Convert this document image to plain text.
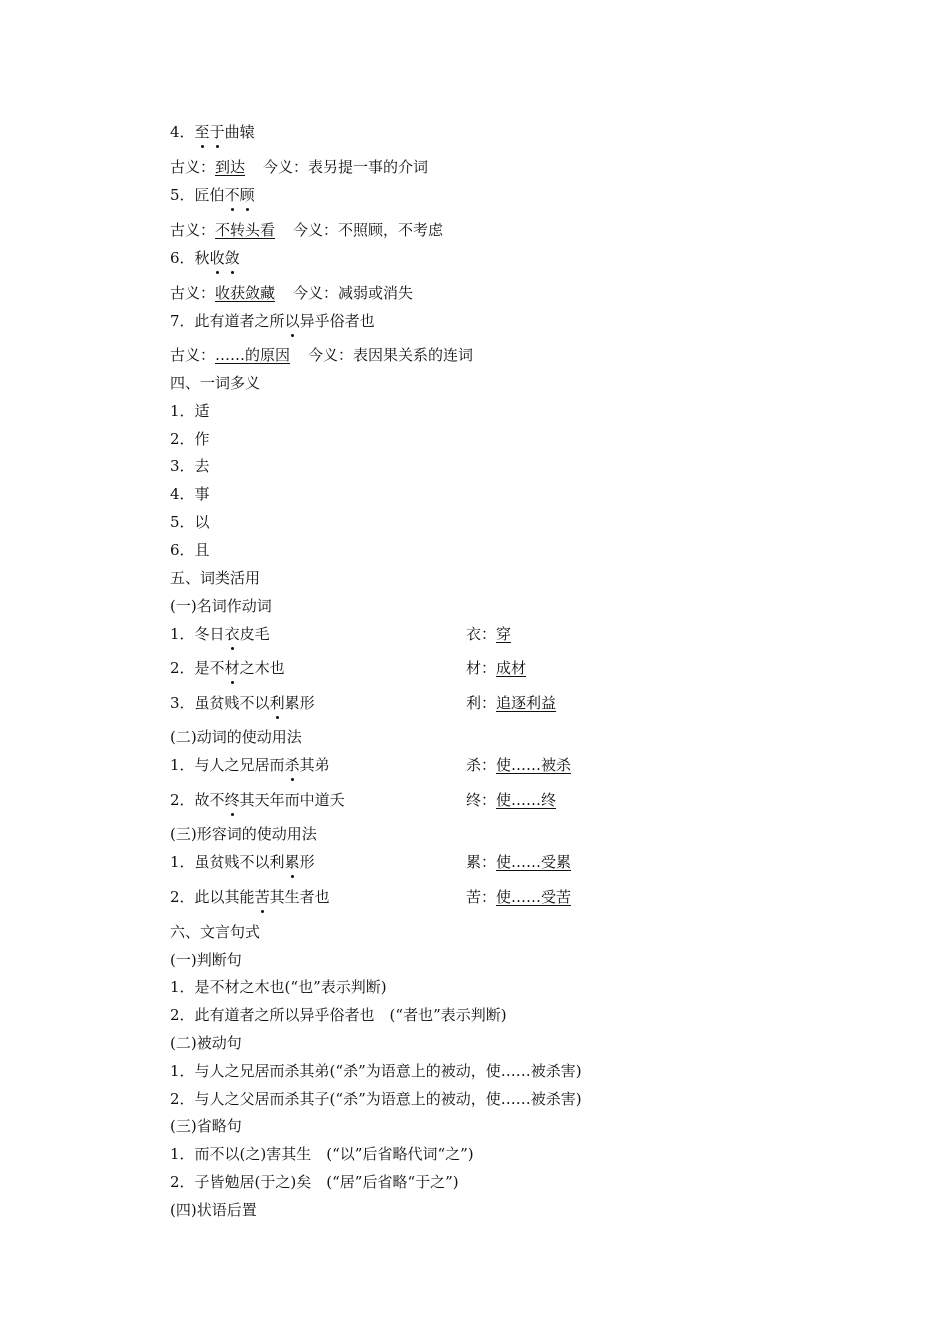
4．至于曲辕
古义：到达 今义：表另提一事的介词
5．匠伯不顾
古义：不转头看 今义：不照顾，不考虑
6．秋收敛
古义：收获敛藏 今义：减弱或消失
7．此有道者之所以异乎俗者也
古义：……的原因 今义：表因果关系的连词
四、一词多义
1．适
2．作
3．去
4．事
5．以
6．且
五、词类活用
(一)名词作动词
1．冬日衣皮毛	衣：穿
2．是不材之木也	材：成材
3．虽贫贱不以利累形	利：追逐利益
(二)动词的使动用法
1．与人之兄居而杀其弟	杀：使……被杀
2．故不终其天年而中道夭	终：使……终
(三)形容词的使动用法
1．虽贫贱不以利累形	累：使……受累
2．此以其能苦其生者也	苦：使……受苦
六、文言句式
(一)判断句
1．是不材之木也(“也”表示判断)
2．此有道者之所以异乎俗者也　(“者也”表示判断)
(二)被动句
1．与人之兄居而杀其弟(“杀”为语意上的被动，使……被杀害)
2．与人之父居而杀其子(“杀”为语意上的被动，使……被杀害)
(三)省略句
1．而不以(之)害其生　(“以”后省略代词“之”)
2．子皆勉居(于之)矣　(“居”后省略“于之”)
(四)状语后置
